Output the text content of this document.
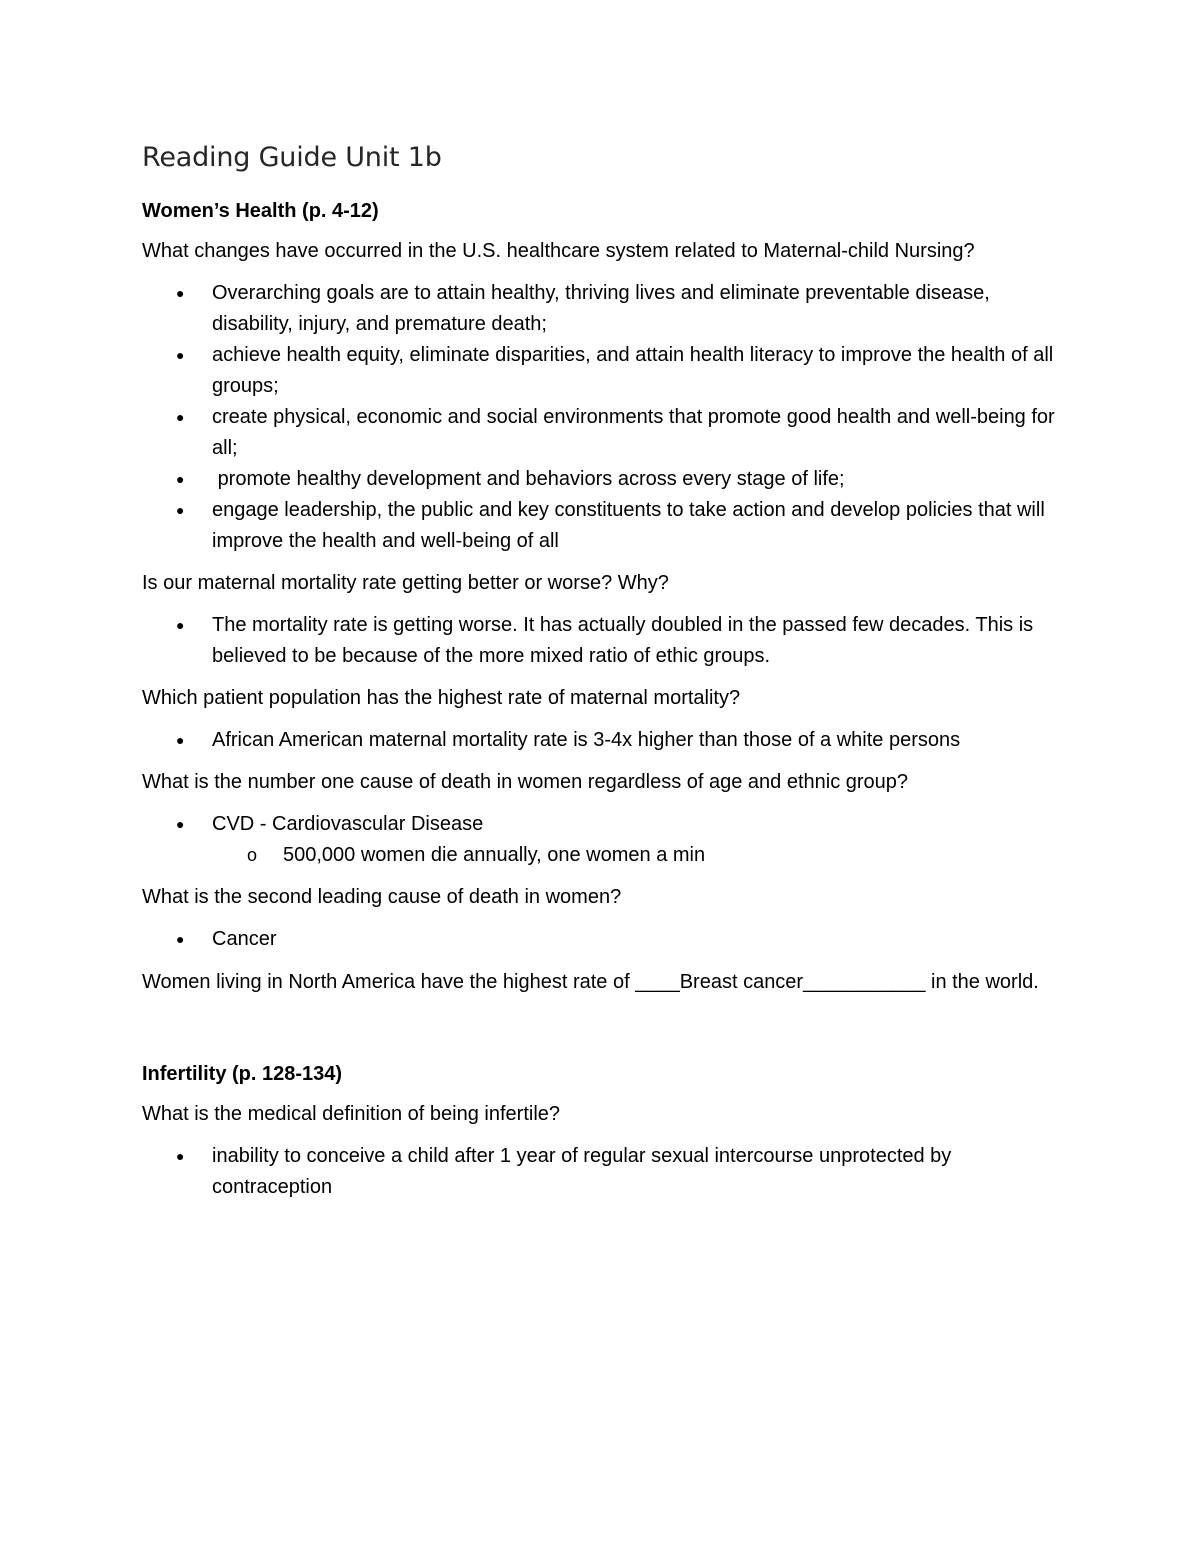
Reading Guide Unit 1b
Women’s Health (p. 4-12)

What changes have occurred in the U.S. healthcare system related to Maternal-child Nursing?

● Overarching goals are to attain healthy, thriving lives and eliminate preventable disease, disability, injury, and premature death;
● achieve health equity, eliminate disparities, and attain health literacy to improve the health of all groups;
● create physical, economic and social environments that promote good health and well-being for all;
● promote healthy development and behaviors across every stage of life;
● engage leadership, the public and key constituents to take action and develop policies that will improve the health and well-being of all

Is our maternal mortality rate getting better or worse? Why?

● The mortality rate is getting worse. It has actually doubled in the passed few decades. This is believed to be because of the more mixed ratio of ethic groups.

Which patient population has the highest rate of maternal mortality?

● African American maternal mortality rate is 3-4x higher than those of a white persons

What is the number one cause of death in women regardless of age and ethnic group?

● CVD - Cardiovascular Disease
o 500,000 women die annually, one women a min

What is the second leading cause of death in women?

● Cancer

Women living in North America have the highest rate of ____Breast cancer___________ in the world.

Infertility (p. 128-134)

What is the medical definition of being infertile?

● inability to conceive a child after 1 year of regular sexual intercourse unprotected by contraception
